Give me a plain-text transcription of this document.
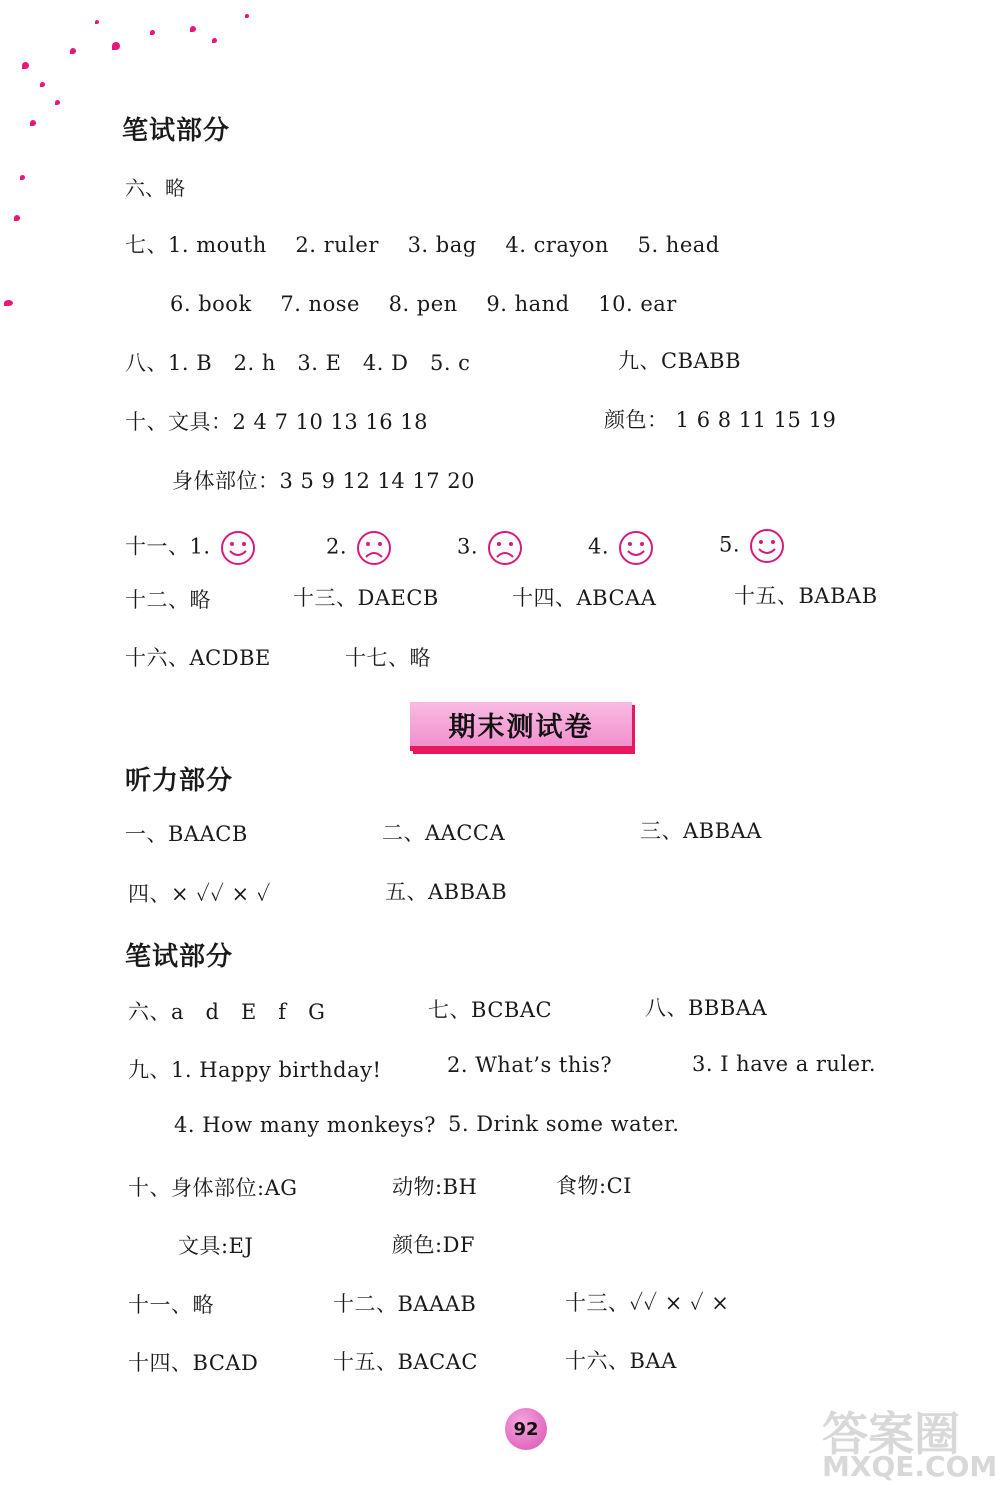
笔试部分
六、略
七、1. mouth　 2. ruler　 3. bag　 4. crayon　 5. head
6. book　 7. nose　 8. pen　 9. hand　 10. ear
八、1. B　2. h　3. E　4. D　5. c	九、CBABB
十、文具：2 4 7 10 13 16 18	颜色： 1 6 8 11 15 19
身体部位：3 5 9 12 14 17 20
十一、1.	2.	3.	4.	5.
十二、略	十三、DAECB	十四、ABCAA	十五、BABAB
十六、ACDBE	十七、略
期末测试卷
听力部分
一、BAACB	二、AACCA	三、ABBAA
四、× ✓✓ × ✓	五、ABBAB
笔试部分
六、a　d　E　f　G	七、BCBAC	八、BBBAA
九、1. Happy birthday!	2. What’s this?	3. I have a ruler.
4. How many monkeys? 5. Drink some water.
十、身体部位:AG	动物:BH	食物:CI
文具:EJ	颜色:DF
十一、略	十二、BAAAB	十三、✓✓ × ✓ ×
十四、BCAD	十五、BACAC	十六、BAA
92	答案圈
MXQE.COM
